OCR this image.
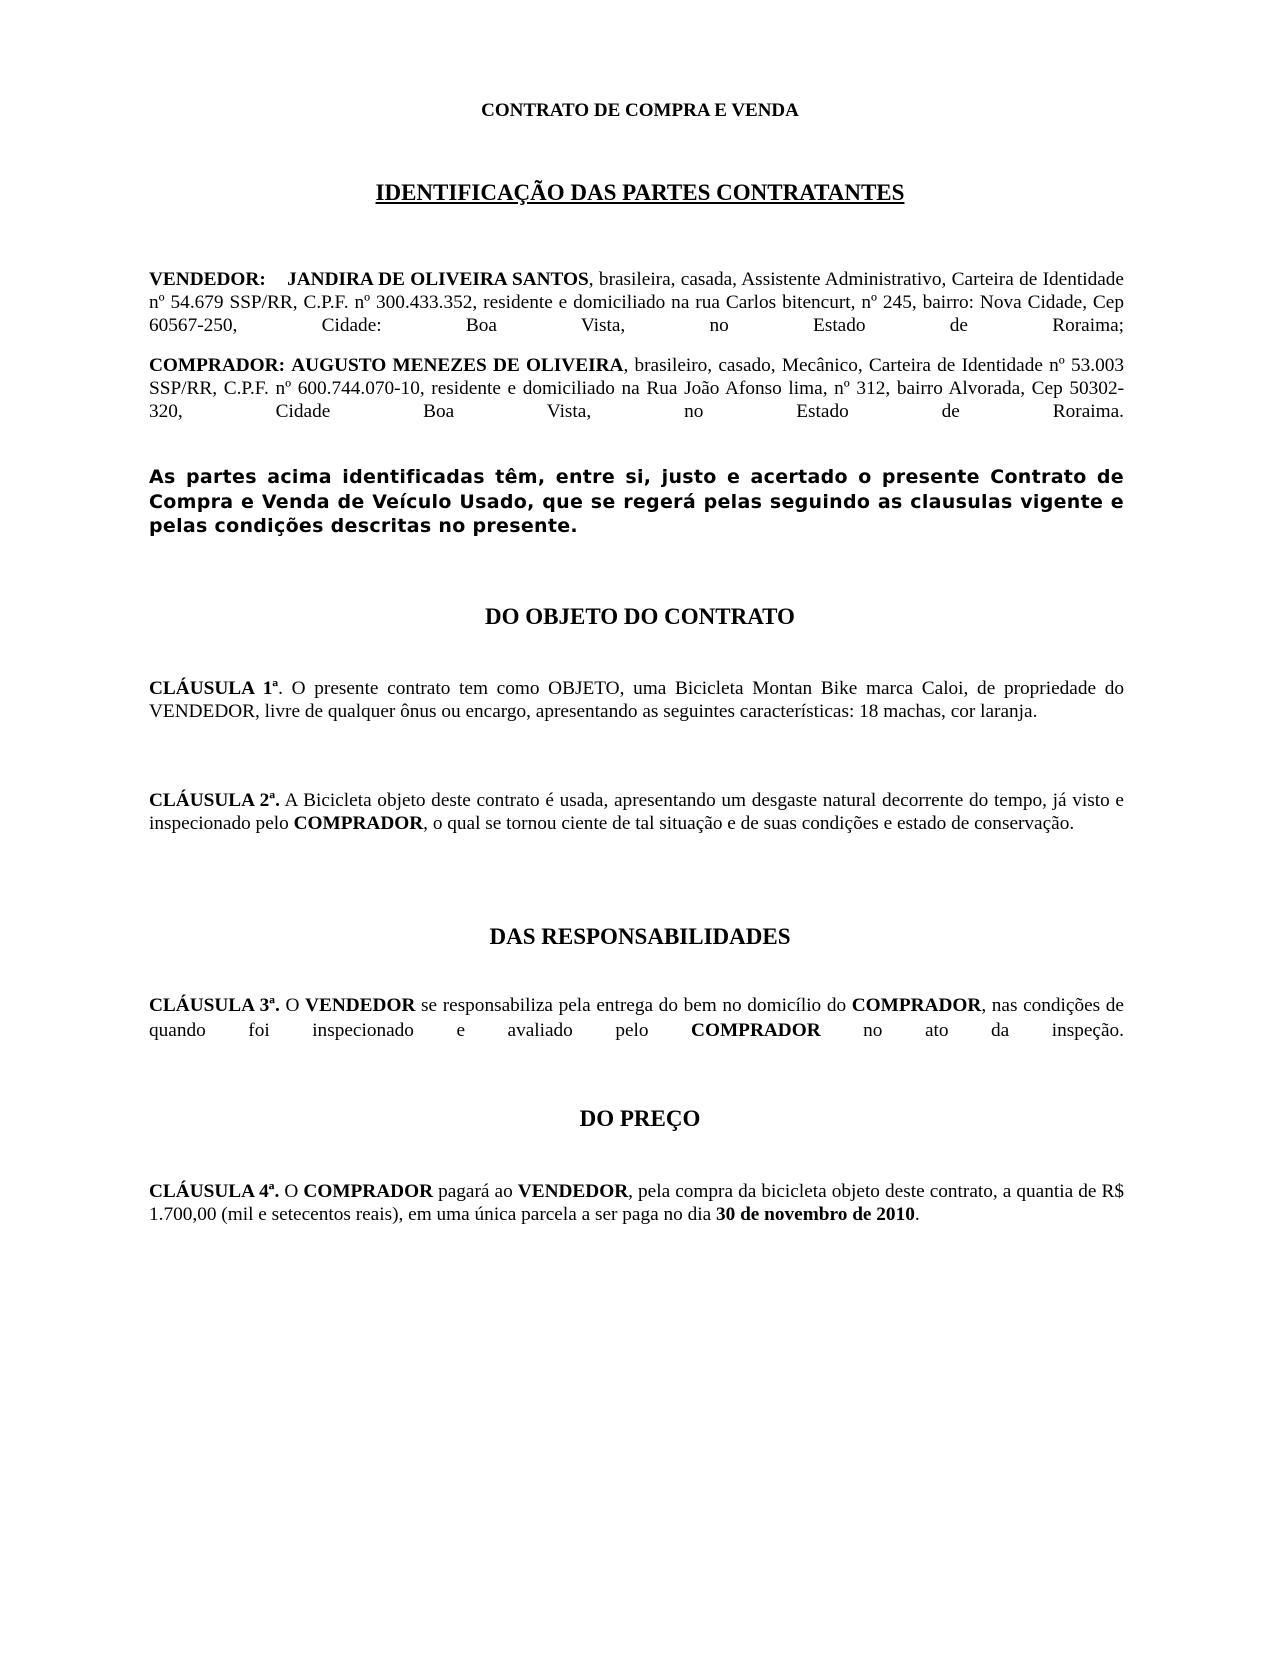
CONTRATO DE COMPRA E VENDA
IDENTIFICAÇÃO DAS PARTES CONTRATANTES

VENDEDOR: JANDIRA DE OLIVEIRA SANTOS, brasileira, casada, Assistente Administrativo, Carteira de Identidade nº 54.679 SSP/RR, C.P.F. nº 300.433.352, residente e domiciliado na rua Carlos bitencurt, nº 245, bairro: Nova Cidade, Cep 60567-250, Cidade: Boa Vista, no Estado de Roraima;

COMPRADOR: AUGUSTO MENEZES DE OLIVEIRA, brasileiro, casado, Mecânico, Carteira de Identidade nº 53.003 SSP/RR, C.P.F. nº 600.744.070-10, residente e domiciliado na Rua João Afonso lima, nº 312, bairro Alvorada, Cep 50302-320, Cidade Boa Vista, no Estado de Roraima.

As partes acima identificadas têm, entre si, justo e acertado o presente Contrato de Compra e Venda de Veículo Usado, que se regerá pelas seguindo as clausulas vigente e pelas condições descritas no presente.

DO OBJETO DO CONTRATO

CLÁUSULA 1ª. O presente contrato tem como OBJETO, uma Bicicleta Montan Bike marca Caloi, de propriedade do VENDEDOR, livre de qualquer ônus ou encargo, apresentando as seguintes características: 18 machas, cor laranja.

CLÁUSULA 2ª. A Bicicleta objeto deste contrato é usada, apresentando um desgaste natural decorrente do tempo, já visto e inspecionado pelo COMPRADOR, o qual se tornou ciente de tal situação e de suas condições e estado de conservação.

DAS RESPONSABILIDADES

CLÁUSULA 3ª. O VENDEDOR se responsabiliza pela entrega do bem no domicílio do COMPRADOR, nas condições de quando foi inspecionado e avaliado pelo COMPRADOR no ato da inspeção.

DO PREÇO

CLÁUSULA 4ª. O COMPRADOR pagará ao VENDEDOR, pela compra da bicicleta objeto deste contrato, a quantia de R$ 1.700,00 (mil e setecentos reais), em uma única parcela a ser paga no dia 30 de novembro de 2010.
